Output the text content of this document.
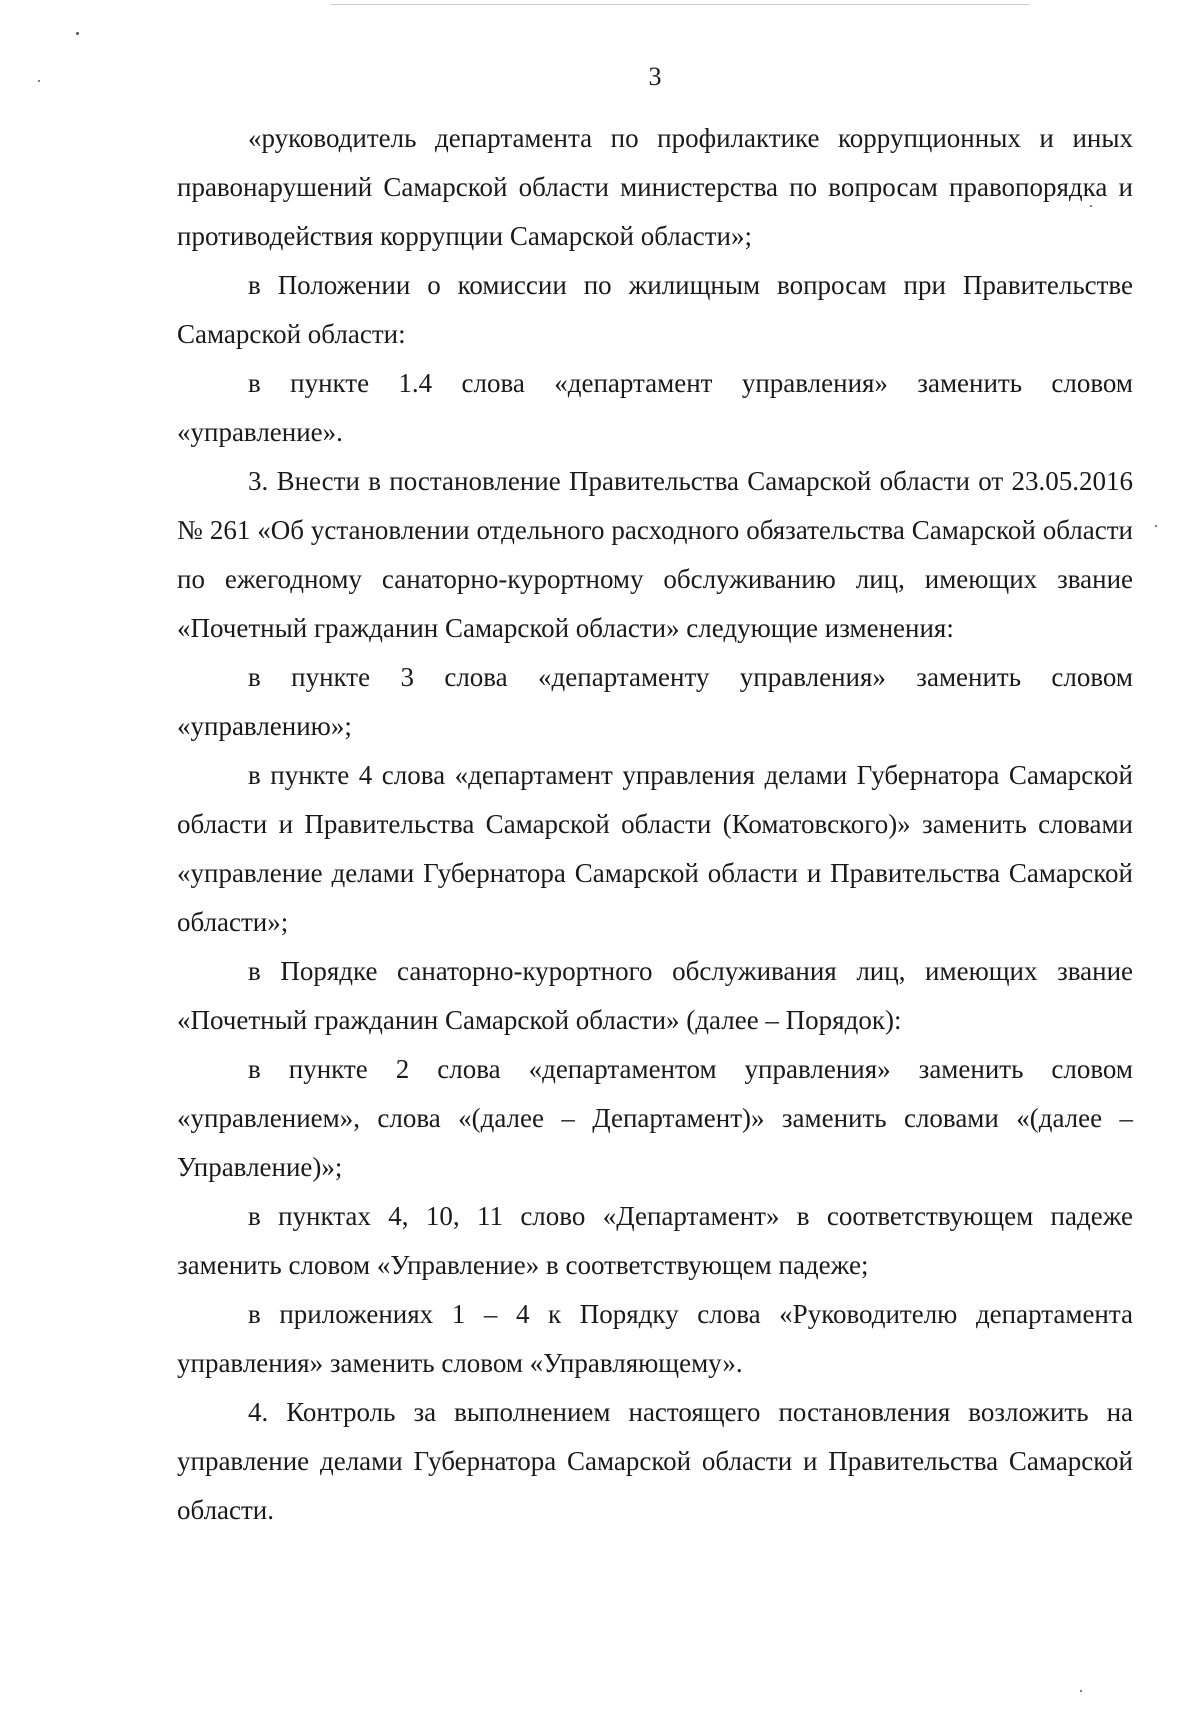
3

«руководитель департамента по профилактике коррупционных и иных правонарушений Самарской области министерства по вопросам правопорядка и противодействия коррупции Самарской области»;

в Положении о комиссии по жилищным вопросам при Правительстве Самарской области:

в пункте 1.4 слова «департамент управления» заменить словом «управление».

3. Внести в постановление Правительства Самарской области от 23.05.2016 № 261 «Об установлении отдельного расходного обязательства Самарской области по ежегодному санаторно-курортному обслуживанию лиц, имеющих звание «Почетный гражданин Самарской области» следующие изменения:

в пункте 3 слова «департаменту управления» заменить словом «управлению»;

в пункте 4 слова «департамент управления делами Губернатора Самарской области и Правительства Самарской области (Коматовского)» заменить словами «управление делами Губернатора Самарской области и Правительства Самарской области»;

в Порядке санаторно-курортного обслуживания лиц, имеющих звание «Почетный гражданин Самарской области» (далее – Порядок):

в пункте 2 слова «департаментом управления» заменить словом «управлением», слова «(далее – Департамент)» заменить словами «(далее – Управление)»;

в пунктах 4, 10, 11 слово «Департамент» в соответствующем падеже заменить словом «Управление» в соответствующем падеже;

в приложениях 1 – 4 к Порядку слова «Руководителю департамента управления» заменить словом «Управляющему».

4. Контроль за выполнением настоящего постановления возложить на управление делами Губернатора Самарской области и Правительства Самарской области.
